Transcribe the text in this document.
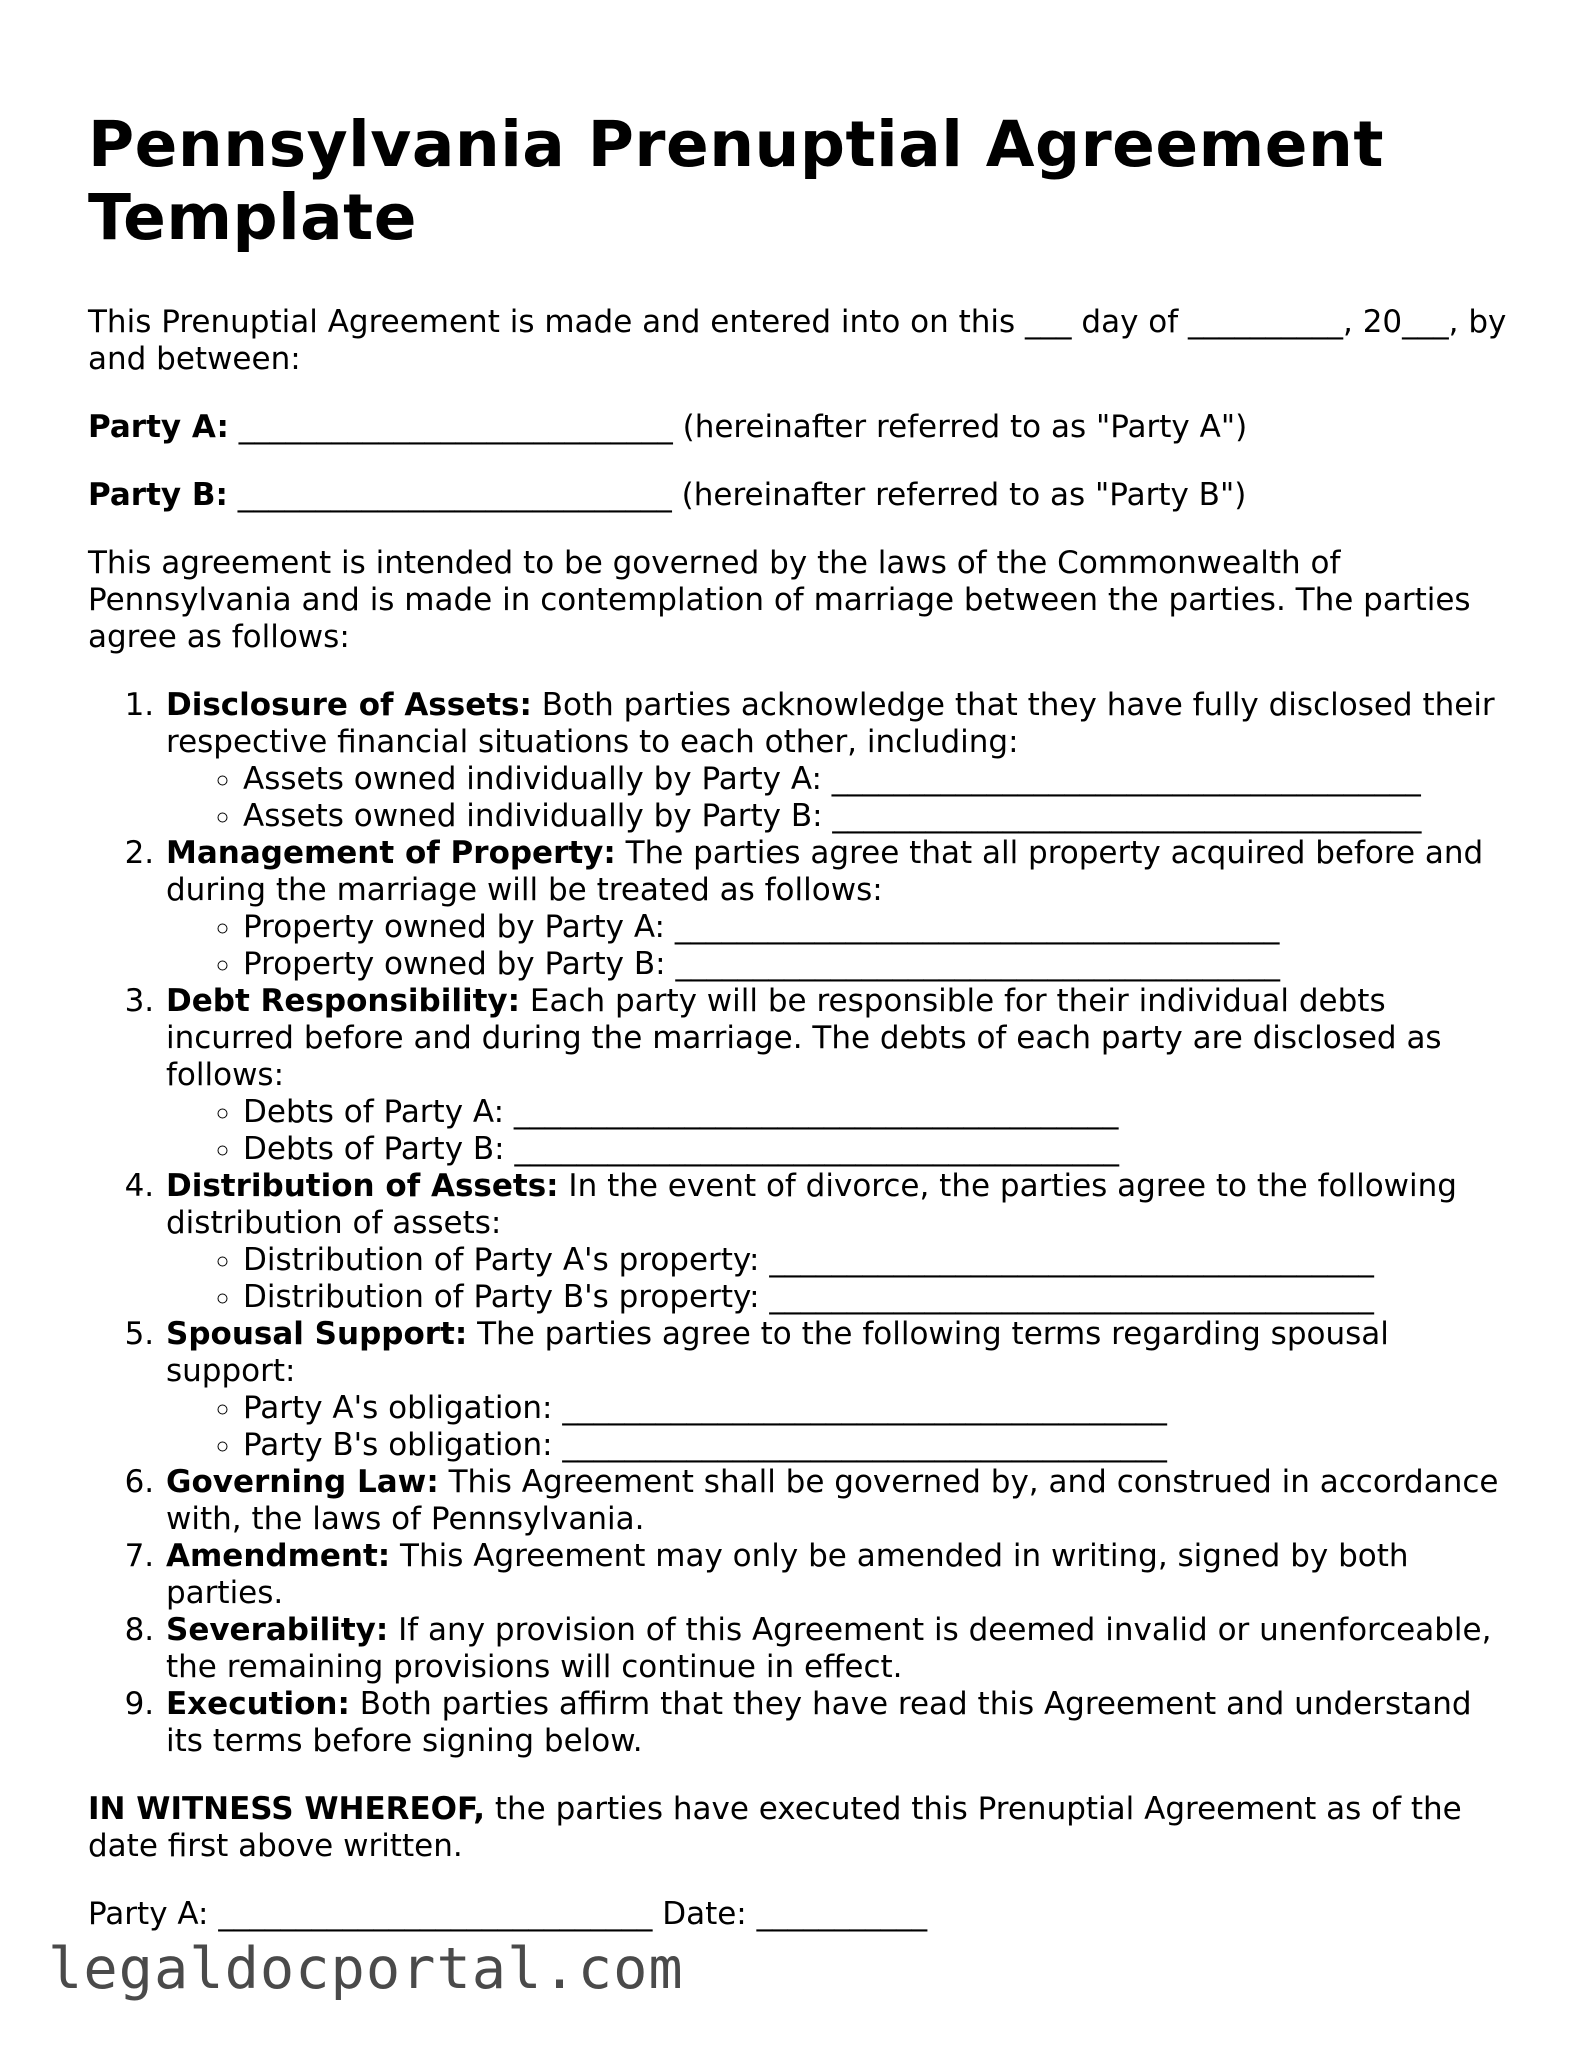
Pennsylvania Prenuptial Agreement Template

This Prenuptial Agreement is made and entered into on this ___ day of __________, 20___, by and between:

Party A: ____________________________ (hereinafter referred to as "Party A")

Party B: ____________________________ (hereinafter referred to as "Party B")

This agreement is intended to be governed by the laws of the Commonwealth of Pennsylvania and is made in contemplation of marriage between the parties. The parties agree as follows:

1. Disclosure of Assets: Both parties acknowledge that they have fully disclosed their respective financial situations to each other, including:
◦ Assets owned individually by Party A: ______________________________________
◦ Assets owned individually by Party B: ______________________________________
2. Management of Property: The parties agree that all property acquired before and during the marriage will be treated as follows:
◦ Property owned by Party A: _______________________________________
◦ Property owned by Party B: _______________________________________
3. Debt Responsibility: Each party will be responsible for their individual debts incurred before and during the marriage. The debts of each party are disclosed as follows:
◦ Debts of Party A: _______________________________________
◦ Debts of Party B: _______________________________________
4. Distribution of Assets: In the event of divorce, the parties agree to the following distribution of assets:
◦ Distribution of Party A's property: _______________________________________
◦ Distribution of Party B's property: _______________________________________
5. Spousal Support: The parties agree to the following terms regarding spousal support:
◦ Party A's obligation: _______________________________________
◦ Party B's obligation: _______________________________________
6. Governing Law: This Agreement shall be governed by, and construed in accordance with, the laws of Pennsylvania.
7. Amendment: This Agreement may only be amended in writing, signed by both parties.
8. Severability: If any provision of this Agreement is deemed invalid or unenforceable, the remaining provisions will continue in effect.
9. Execution: Both parties affirm that they have read this Agreement and understand its terms before signing below.

IN WITNESS WHEREOF, the parties have executed this Prenuptial Agreement as of the date first above written.

Party A: ____________________________ Date: ___________

legaldocportal.com
